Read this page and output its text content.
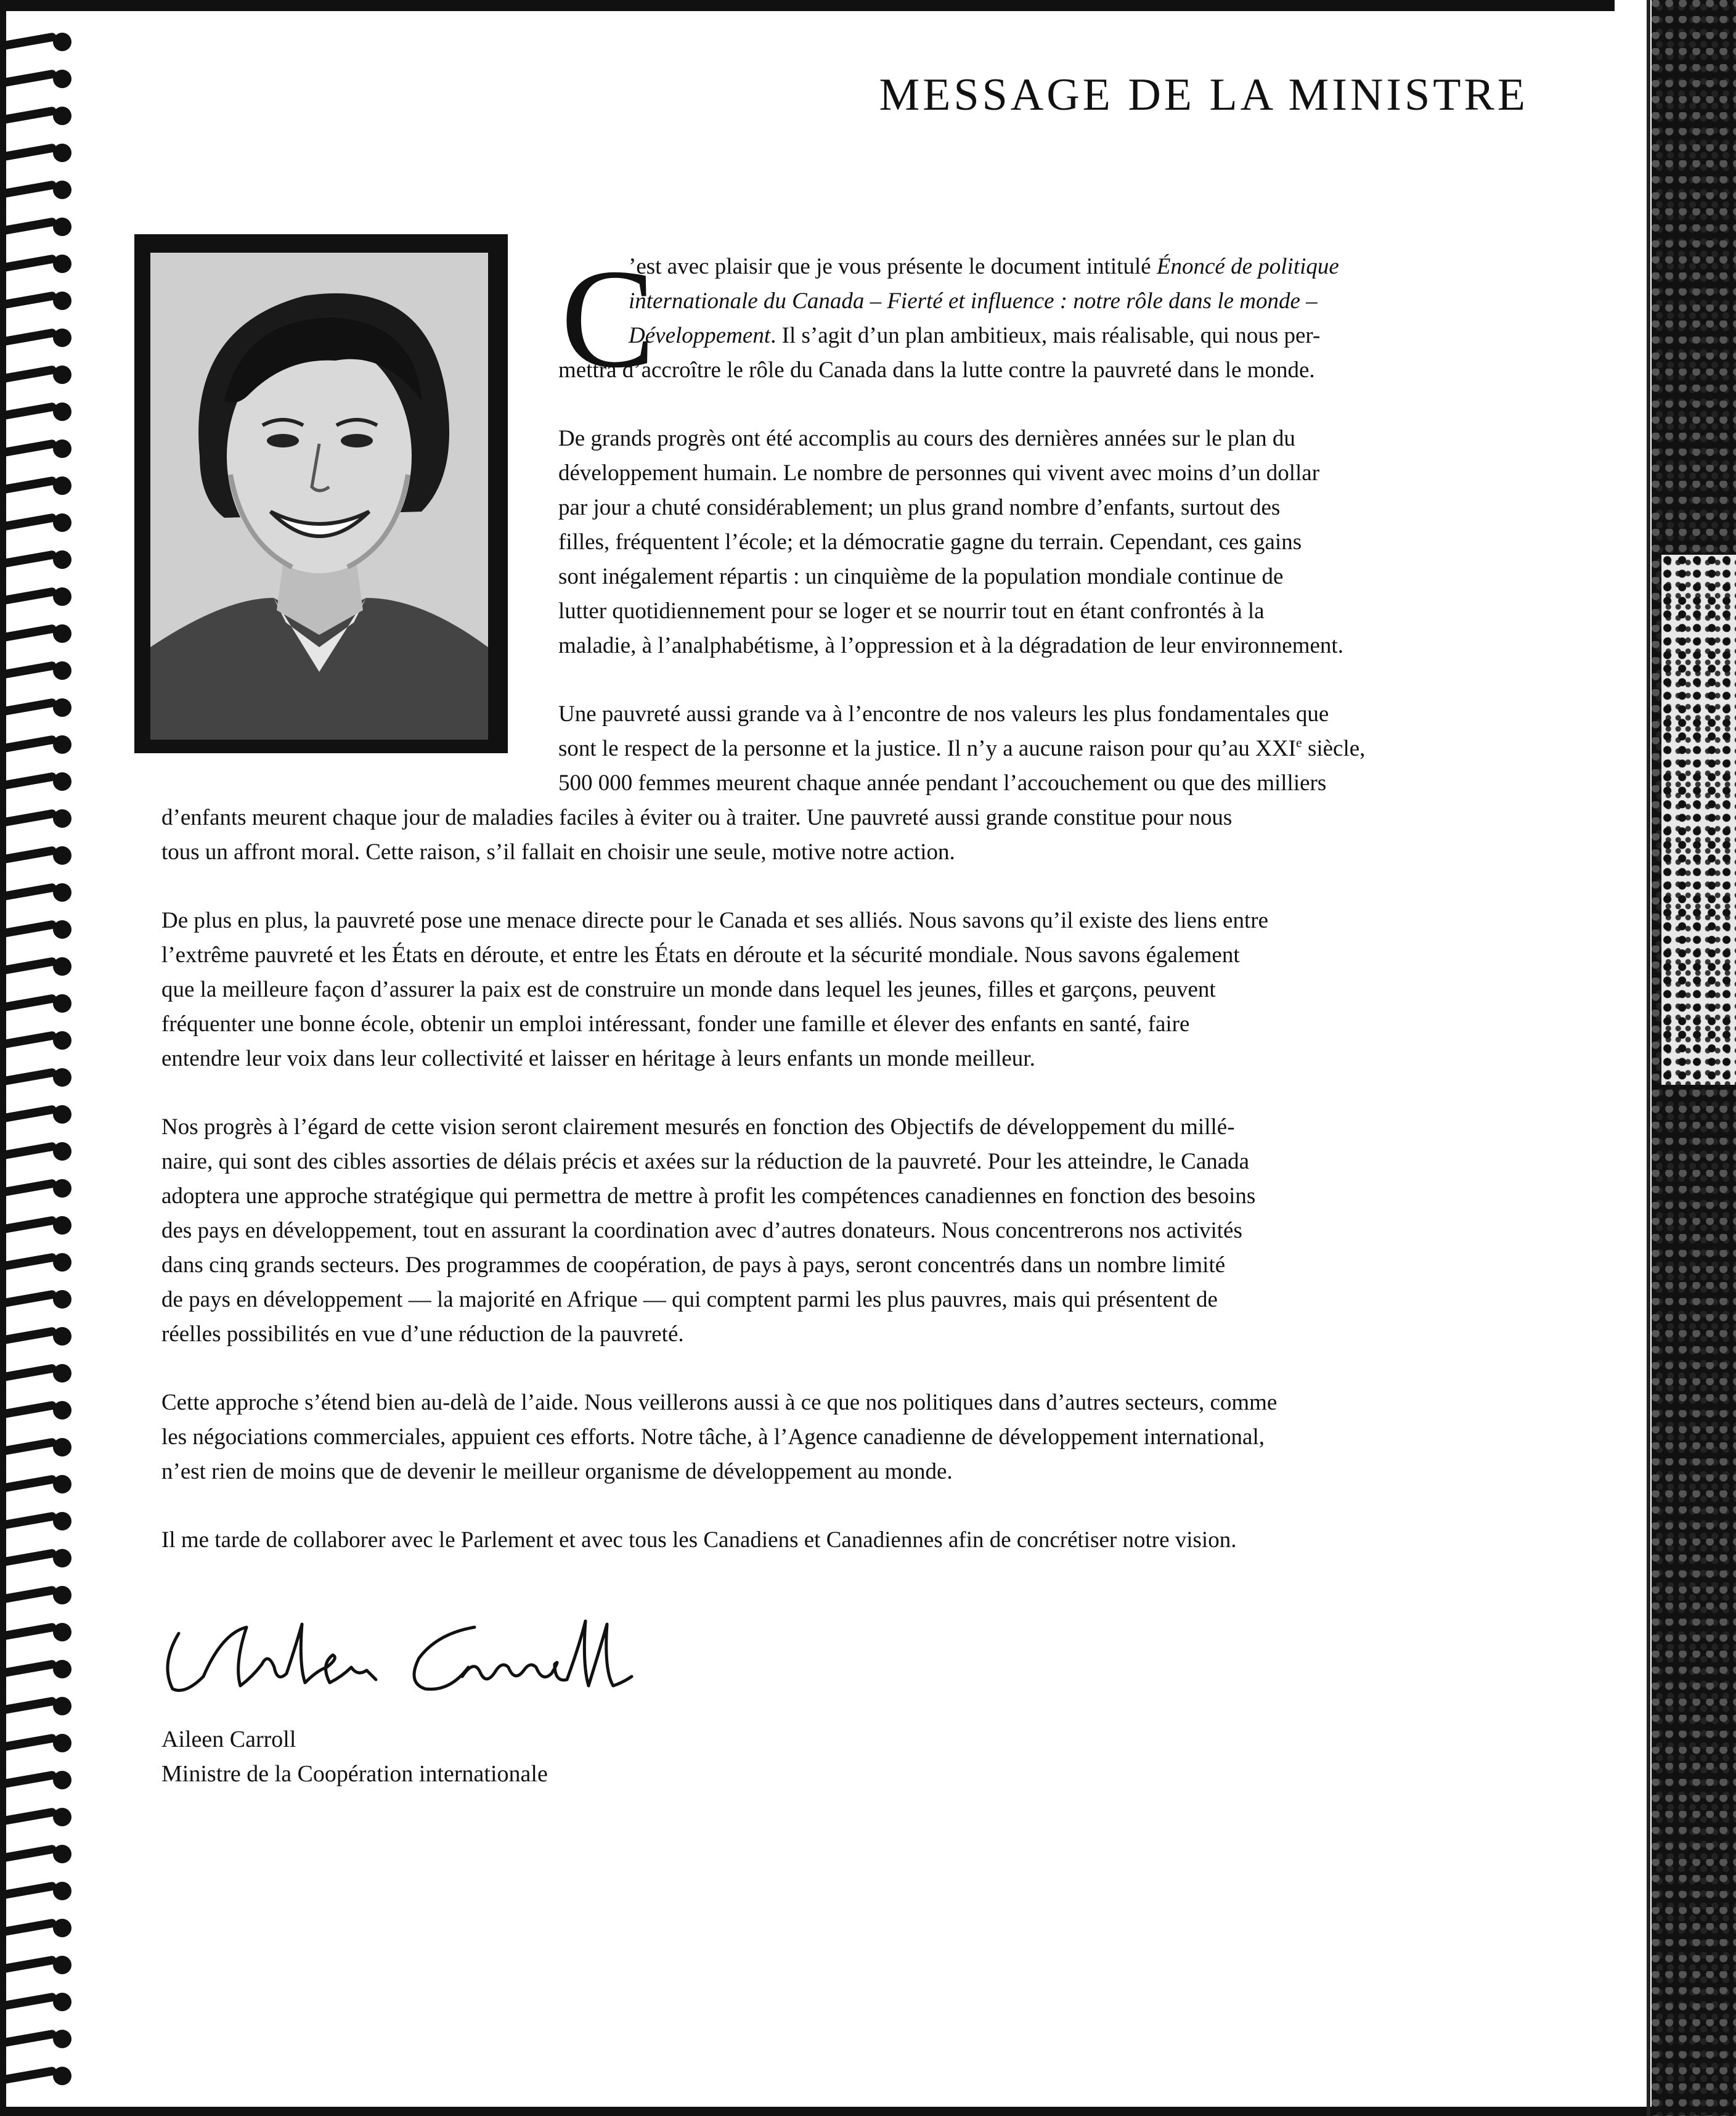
MESSAGE DE LA MINISTRE
C
’est avec plaisir que je vous présente le document intitulé Énoncé de politique
internationale du Canada – Fierté et influence : notre rôle dans le monde –
Développement. Il s’agit d’un plan ambitieux, mais réalisable, qui nous per-
mettra d’accroître le rôle du Canada dans la lutte contre la pauvreté dans le monde.
De grands progrès ont été accomplis au cours des dernières années sur le plan du
développement humain. Le nombre de personnes qui vivent avec moins d’un dollar
par jour a chuté considérablement; un plus grand nombre d’enfants, surtout des
filles, fréquentent l’école; et la démocratie gagne du terrain. Cependant, ces gains
sont inégalement répartis : un cinquième de la population mondiale continue de
lutter quotidiennement pour se loger et se nourrir tout en étant confrontés à la
maladie, à l’analphabétisme, à l’oppression et à la dégradation de leur environnement.
Une pauvreté aussi grande va à l’encontre de nos valeurs les plus fondamentales que
sont le respect de la personne et la justice. Il n’y a aucune raison pour qu’au XXIe siècle,
500 000 femmes meurent chaque année pendant l’accouchement ou que des milliers
d’enfants meurent chaque jour de maladies faciles à éviter ou à traiter. Une pauvreté aussi grande constitue pour nous
tous un affront moral. Cette raison, s’il fallait en choisir une seule, motive notre action.
De plus en plus, la pauvreté pose une menace directe pour le Canada et ses alliés. Nous savons qu’il existe des liens entre
l’extrême pauvreté et les États en déroute, et entre les États en déroute et la sécurité mondiale. Nous savons également
que la meilleure façon d’assurer la paix est de construire un monde dans lequel les jeunes, filles et garçons, peuvent
fréquenter une bonne école, obtenir un emploi intéressant, fonder une famille et élever des enfants en santé, faire
entendre leur voix dans leur collectivité et laisser en héritage à leurs enfants un monde meilleur.
Nos progrès à l’égard de cette vision seront clairement mesurés en fonction des Objectifs de développement du millé-
naire, qui sont des cibles assorties de délais précis et axées sur la réduction de la pauvreté. Pour les atteindre, le Canada
adoptera une approche stratégique qui permettra de mettre à profit les compétences canadiennes en fonction des besoins
des pays en développement, tout en assurant la coordination avec d’autres donateurs. Nous concentrerons nos activités
dans cinq grands secteurs. Des programmes de coopération, de pays à pays, seront concentrés dans un nombre limité
de pays en développement — la majorité en Afrique — qui comptent parmi les plus pauvres, mais qui présentent de
réelles possibilités en vue d’une réduction de la pauvreté.
Cette approche s’étend bien au-delà de l’aide. Nous veillerons aussi à ce que nos politiques dans d’autres secteurs, comme
les négociations commerciales, appuient ces efforts. Notre tâche, à l’Agence canadienne de développement international,
n’est rien de moins que de devenir le meilleur organisme de développement au monde.
Il me tarde de collaborer avec le Parlement et avec tous les Canadiens et Canadiennes afin de concrétiser notre vision.
Aileen Carroll
Ministre de la Coopération internationale
